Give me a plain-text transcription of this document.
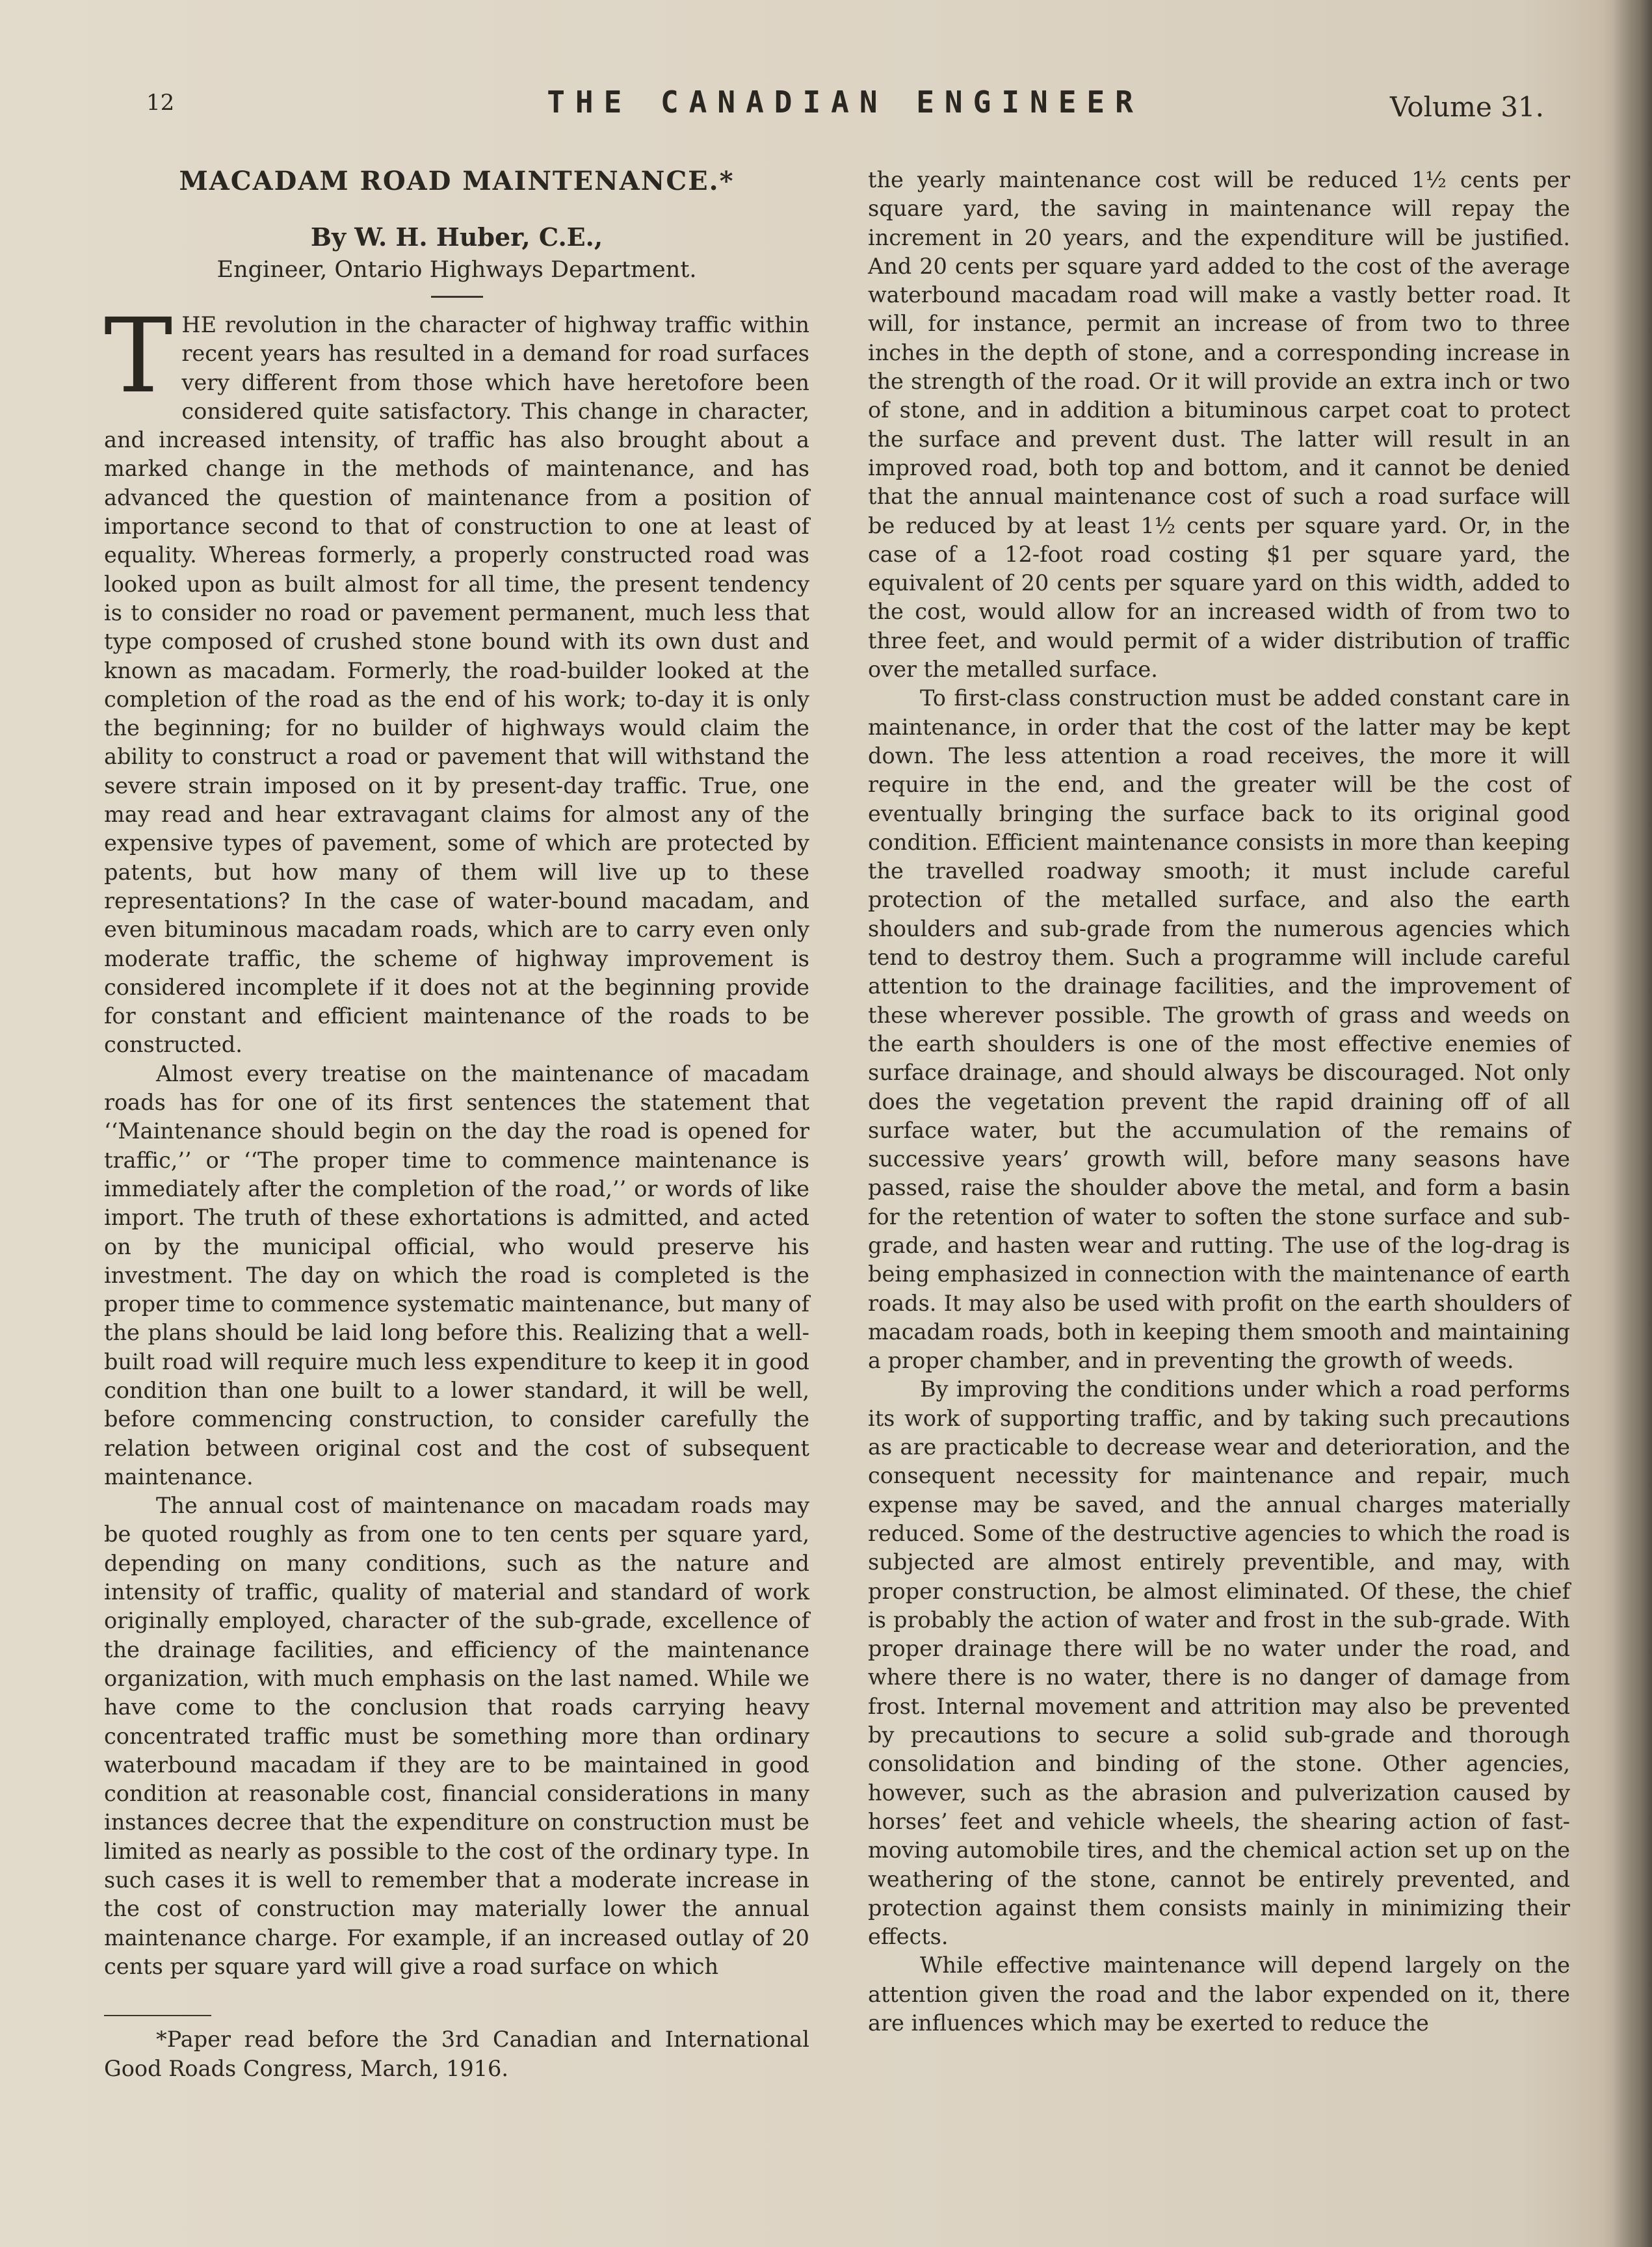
12	THE CANADIAN ENGINEER	Volume 31.
MACADAM ROAD MAINTENANCE.*
By W. H. Huber, C.E.,
Engineer, Ontario Highways Department.

THE revolution in the character of highway traffic within recent years has resulted in a demand for road surfaces very different from those which have heretofore been considered quite satisfactory. This change in character, and increased intensity, of traffic has also brought about a marked change in the methods of maintenance, and has advanced the question of maintenance from a position of importance second to that of construction to one at least of equality. Whereas formerly, a properly constructed road was looked upon as built almost for all time, the present tendency is to consider no road or pavement permanent, much less that type composed of crushed stone bound with its own dust and known as macadam. Formerly, the road-builder looked at the completion of the road as the end of his work; to-day it is only the beginning; for no builder of highways would claim the ability to construct a road or pavement that will withstand the severe strain imposed on it by present-day traffic. True, one may read and hear extravagant claims for almost any of the expensive types of pavement, some of which are protected by patents, but how many of them will live up to these representations? In the case of water-bound macadam, and even bituminous macadam roads, which are to carry even only moderate traffic, the scheme of highway improvement is considered incomplete if it does not at the beginning provide for constant and efficient maintenance of the roads to be constructed.

Almost every treatise on the maintenance of macadam roads has for one of its first sentences the statement that ‘‘Maintenance should begin on the day the road is opened for traffic,’’ or ‘‘The proper time to commence maintenance is immediately after the completion of the road,’’ or words of like import. The truth of these exhortations is admitted, and acted on by the municipal official, who would preserve his investment. The day on which the road is completed is the proper time to commence systematic maintenance, but many of the plans should be laid long before this. Realizing that a well-built road will require much less expenditure to keep it in good condition than one built to a lower standard, it will be well, before commencing construction, to consider carefully the relation between original cost and the cost of subsequent maintenance.

The annual cost of maintenance on macadam roads may be quoted roughly as from one to ten cents per square yard, depending on many conditions, such as the nature and intensity of traffic, quality of material and standard of work originally employed, character of the sub-grade, excellence of the drainage facilities, and efficiency of the maintenance organization, with much emphasis on the last named. While we have come to the conclusion that roads carrying heavy concentrated traffic must be something more than ordinary waterbound macadam if they are to be maintained in good condition at reasonable cost, financial considerations in many instances decree that the expenditure on construction must be limited as nearly as possible to the cost of the ordinary type. In such cases it is well to remember that a moderate increase in the cost of construction may materially lower the annual maintenance charge. For example, if an increased outlay of 20 cents per square yard will give a road surface on which

*Paper read before the 3rd Canadian and International Good Roads Congress, March, 1916.

the yearly maintenance cost will be reduced 1½ cents per square yard, the saving in maintenance will repay the increment in 20 years, and the expenditure will be justified. And 20 cents per square yard added to the cost of the average waterbound macadam road will make a vastly better road. It will, for instance, permit an increase of from two to three inches in the depth of stone, and a corresponding increase in the strength of the road. Or it will provide an extra inch or two of stone, and in addition a bituminous carpet coat to protect the surface and prevent dust. The latter will result in an improved road, both top and bottom, and it cannot be denied that the annual maintenance cost of such a road surface will be reduced by at least 1½ cents per square yard. Or, in the case of a 12-foot road costing $1 per square yard, the equivalent of 20 cents per square yard on this width, added to the cost, would allow for an increased width of from two to three feet, and would permit of a wider distribution of traffic over the metalled surface.

To first-class construction must be added constant care in maintenance, in order that the cost of the latter may be kept down. The less attention a road receives, the more it will require in the end, and the greater will be the cost of eventually bringing the surface back to its original good condition. Efficient maintenance consists in more than keeping the travelled roadway smooth; it must include careful protection of the metalled surface, and also the earth shoulders and sub-grade from the numerous agencies which tend to destroy them. Such a programme will include careful attention to the drainage facilities, and the improvement of these wherever possible. The growth of grass and weeds on the earth shoulders is one of the most effective enemies of surface drainage, and should always be discouraged. Not only does the vegetation prevent the rapid draining off of all surface water, but the accumulation of the remains of successive years’ growth will, before many seasons have passed, raise the shoulder above the metal, and form a basin for the retention of water to soften the stone surface and sub-grade, and hasten wear and rutting. The use of the log-drag is being emphasized in connection with the maintenance of earth roads. It may also be used with profit on the earth shoulders of macadam roads, both in keeping them smooth and maintaining a proper chamber, and in preventing the growth of weeds.

By improving the conditions under which a road performs its work of supporting traffic, and by taking such precautions as are practicable to decrease wear and deterioration, and the consequent necessity for maintenance and repair, much expense may be saved, and the annual charges materially reduced. Some of the destructive agencies to which the road is subjected are almost entirely preventible, and may, with proper construction, be almost eliminated. Of these, the chief is probably the action of water and frost in the sub-grade. With proper drainage there will be no water under the road, and where there is no water, there is no danger of damage from frost. Internal movement and attrition may also be prevented by precautions to secure a solid sub-grade and thorough consolidation and binding of the stone. Other agencies, however, such as the abrasion and pulverization caused by horses’ feet and vehicle wheels, the shearing action of fast-moving automobile tires, and the chemical action set up on the weathering of the stone, cannot be entirely prevented, and protection against them consists mainly in minimizing their effects.

While effective maintenance will depend largely on the attention given the road and the labor expended on it, there are influences which may be exerted to reduce the
